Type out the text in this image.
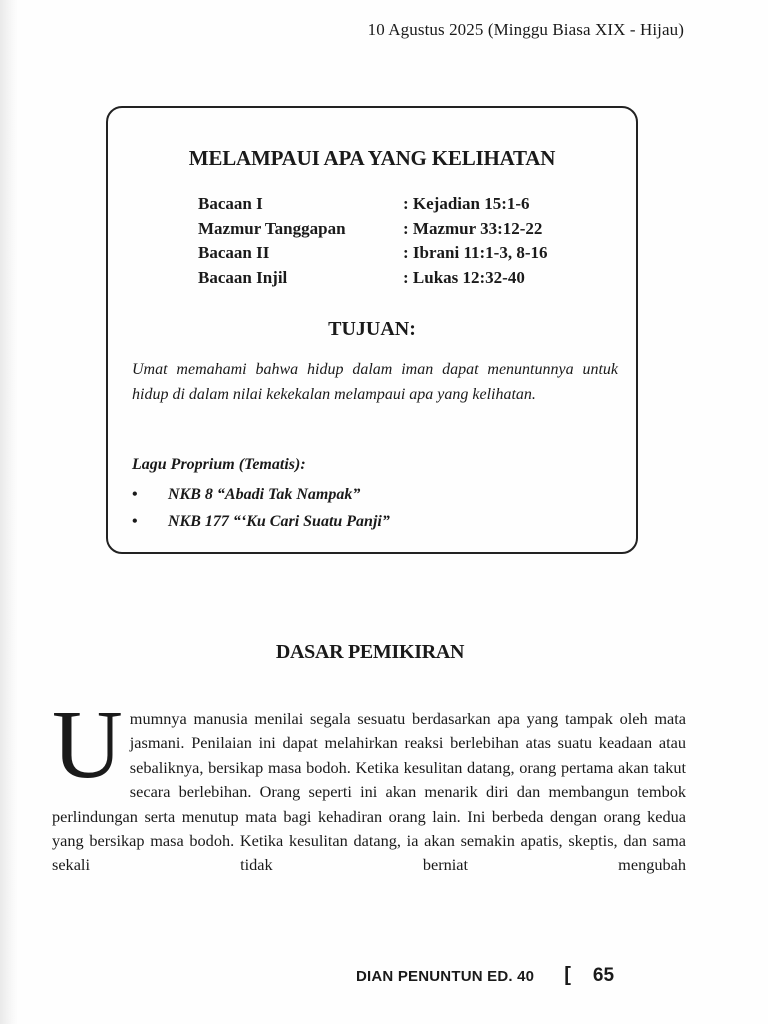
10 Agustus 2025 (Minggu Biasa XIX - Hijau)
MELAMPAUI APA YANG KELIHATAN
Bacaan I	: Kejadian 15:1-6
Mazmur Tanggapan	: Mazmur 33:12-22
Bacaan II	: Ibrani 11:1-3, 8-16
Bacaan Injil	: Lukas 12:32-40
TUJUAN:
Umat memahami bahwa hidup dalam iman dapat menuntunnya untuk hidup di dalam nilai kekekalan melampaui apa yang kelihatan.
Lagu Proprium (Tematis):
•	NKB 8 “Abadi Tak Nampak”
•	NKB 177 “‘Ku Cari Suatu Panji”
DASAR PEMIKIRAN
Umumnya manusia menilai segala sesuatu berdasarkan apa yang tampak oleh mata jasmani. Penilaian ini dapat melahirkan reaksi berlebihan atas suatu keadaan atau sebaliknya, bersikap masa bodoh. Ketika kesulitan datang, orang pertama akan takut secara berlebihan. Orang seperti ini akan menarik diri dan membangun tembok perlindungan serta menutup mata bagi kehadiran orang lain. Ini berbeda dengan orang kedua yang bersikap masa bodoh. Ketika kesulitan datang, ia akan semakin apatis, skeptis, dan sama sekali tidak berniat mengubah
DIAN PENUNTUN ED. 40 [ 65
